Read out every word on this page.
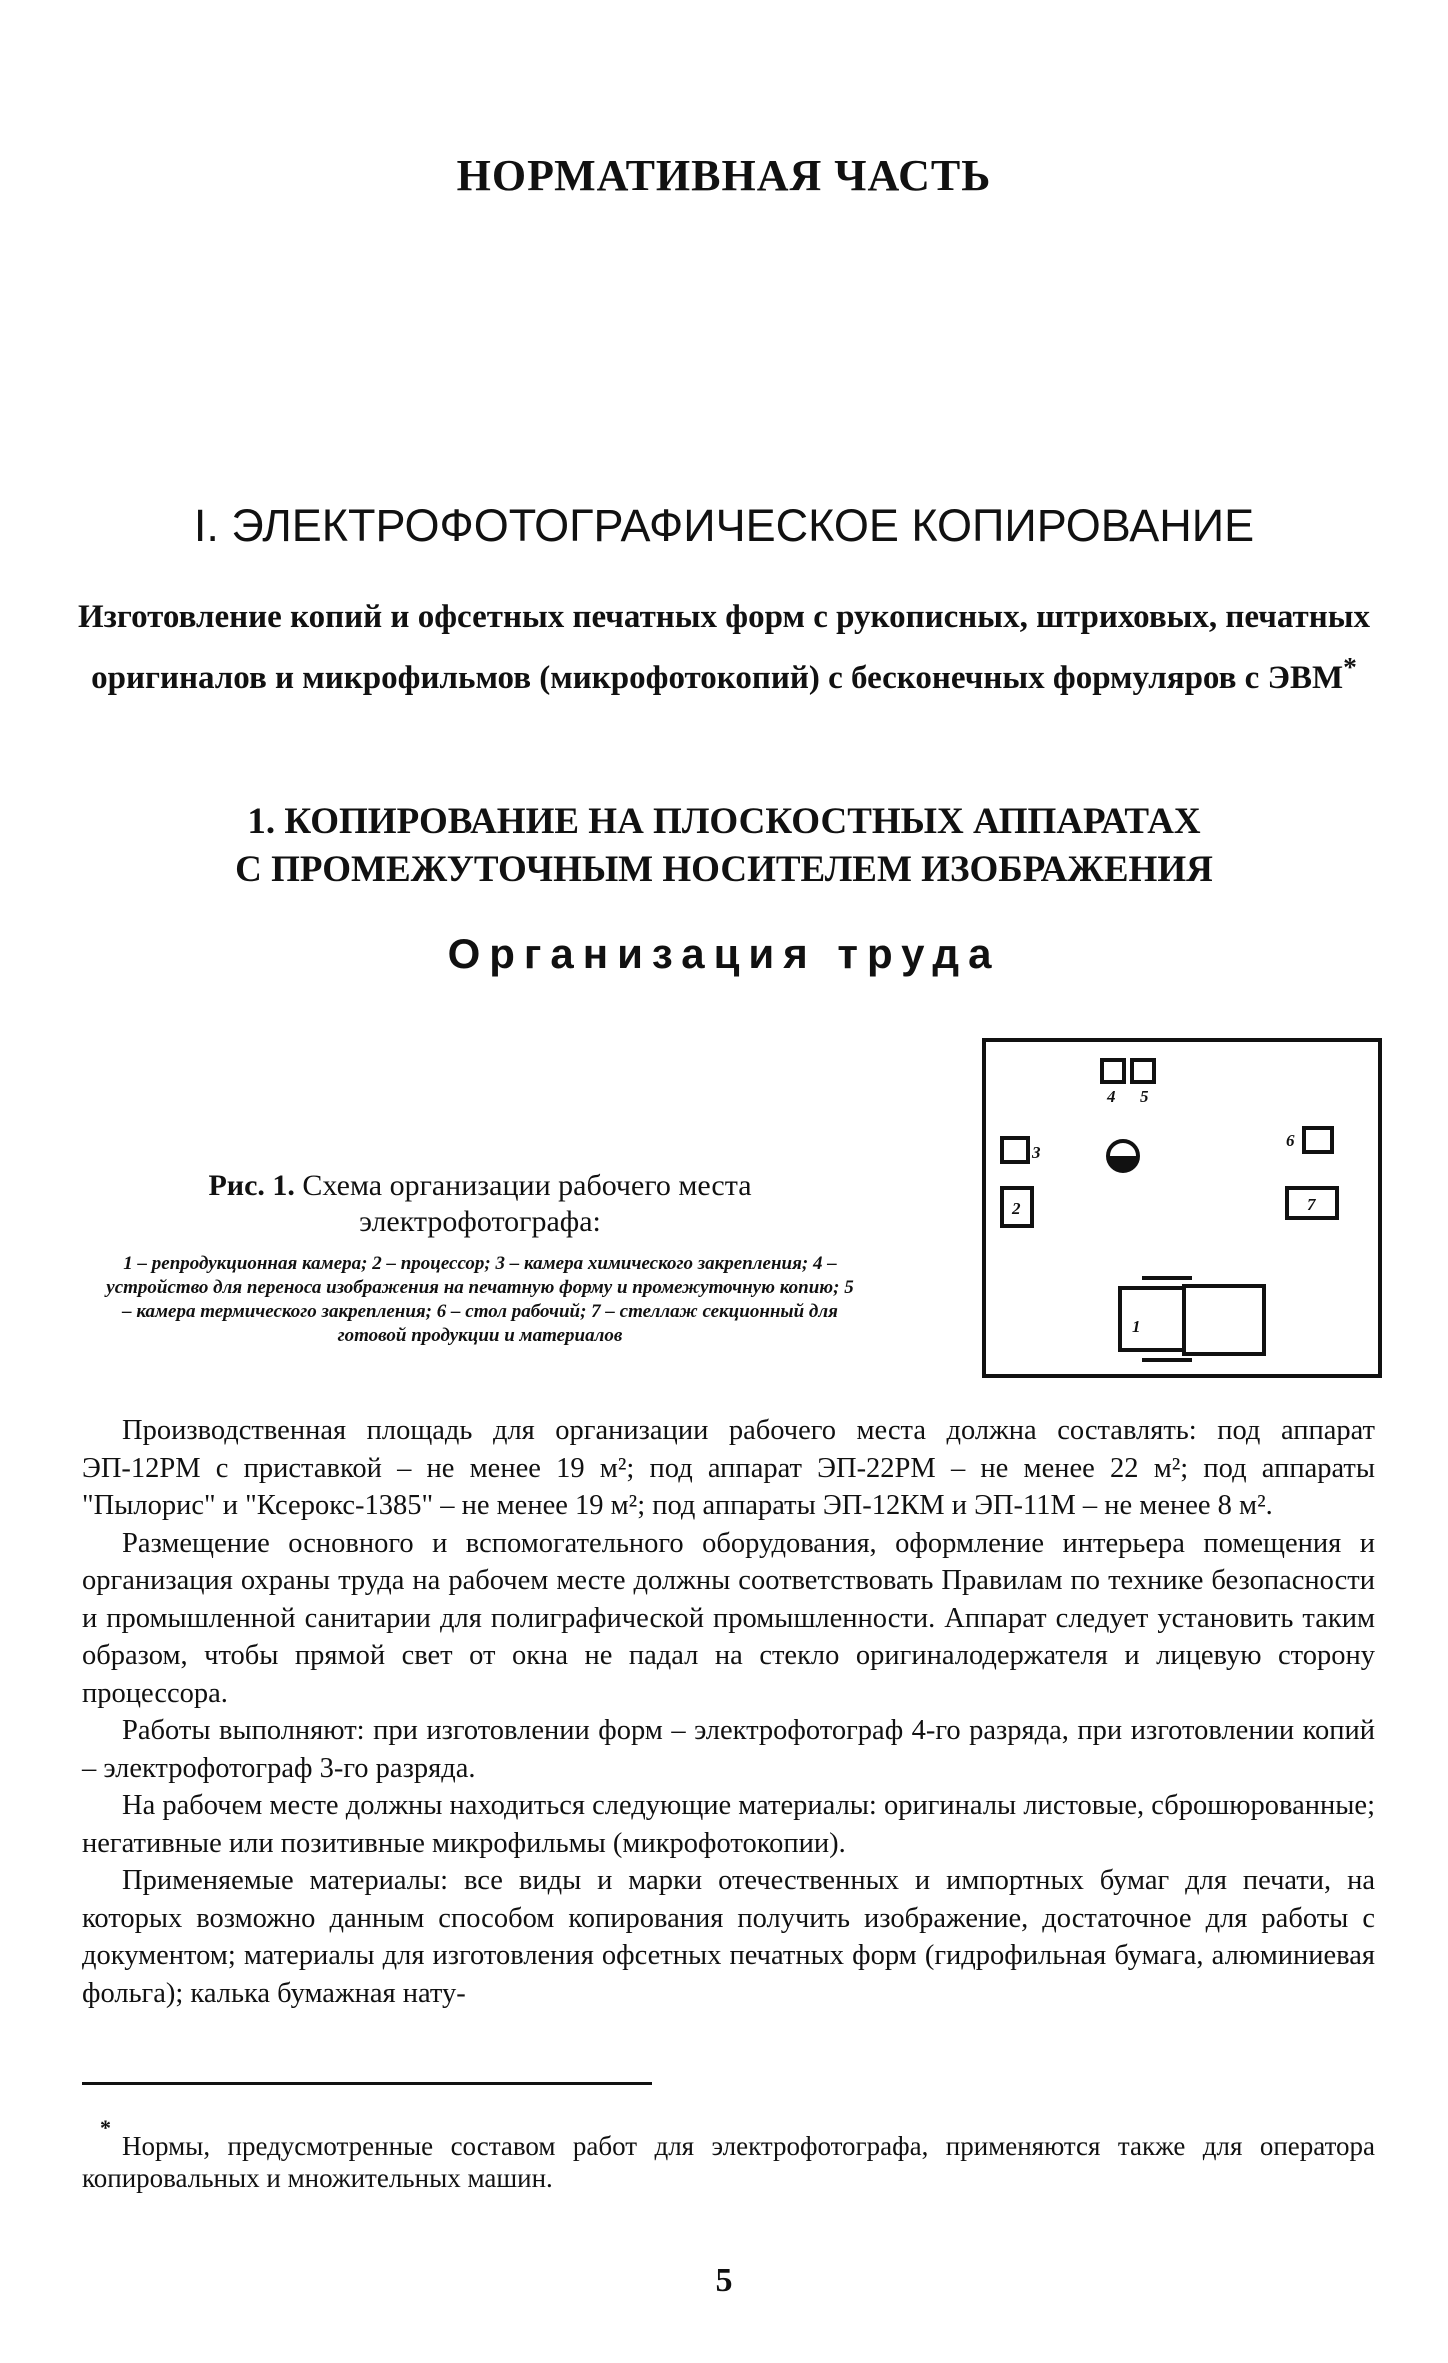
НОРМАТИВНАЯ ЧАСТЬ
I. ЭЛЕКТРОФОТОГРАФИЧЕСКОЕ КОПИРОВАНИЕ
Изготовление копий и офсетных печатных форм с рукописных, штриховых, печатных оригиналов и микрофильмов (микрофотокопий) с бесконечных формуляров с ЭВМ*
1. КОПИРОВАНИЕ НА ПЛОСКОСТНЫХ АППАРАТАХ
С ПРОМЕЖУТОЧНЫМ НОСИТЕЛЕМ ИЗОБРАЖЕНИЯ
Организация труда
Рис. 1. Схема организации рабочего места электрофотографа:
1 – репродукционная камера; 2 – процессор; 3 – камера химического закрепления; 4 – устройство для переноса изображения на печатную форму и промежуточную копию; 5 – камера термического закрепления; 6 – стол рабочий; 7 – стеллаж секционный для готовой продукции и материалов
4 5
3
2
6
7
1

Производственная площадь для организации рабочего места должна составлять: под аппарат ЭП-12РМ с приставкой – не менее 19 м²; под аппарат ЭП-22РМ – не менее 22 м²; под аппараты "Пылорис" и "Ксерокс-1385" – не менее 19 м²; под аппараты ЭП-12КМ и ЭП-11М – не менее 8 м².

Размещение основного и вспомогательного оборудования, оформление интерьера помещения и организация охраны труда на рабочем месте должны соответствовать Правилам по технике безопасности и промышленной санитарии для полиграфической промышленности. Аппарат следует установить таким образом, чтобы прямой свет от окна не падал на стекло оригиналодержателя и лицевую сторону процессора.

Работы выполняют: при изготовлении форм – электрофотограф 4-го разряда, при изготовлении копий – электрофотограф 3-го разряда.

На рабочем месте должны находиться следующие материалы: оригиналы листовые, сброшюрованные; негативные или позитивные микрофильмы (микрофотокопии).

Применяемые материалы: все виды и марки отечественных и импортных бумаг для печати, на которых возможно данным способом копирования получить изображение, достаточное для работы с документом; материалы для изготовления офсетных печатных форм (гидрофильная бумага, алюминиевая фольга); калька бумажная нату-

*
Нормы, предусмотренные составом работ для электрофотографа, применяются также для оператора копировальных и множительных машин.
5
